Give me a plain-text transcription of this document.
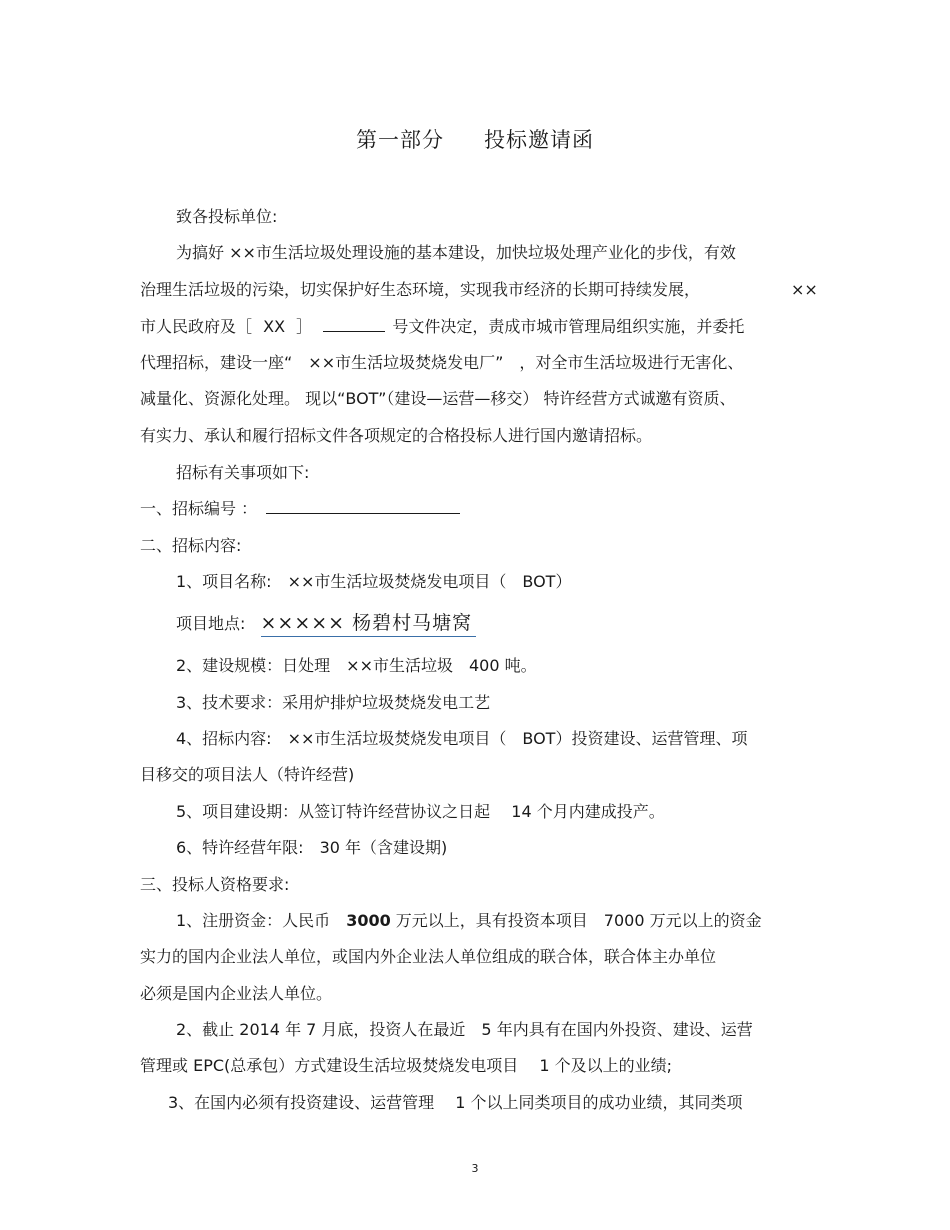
第一部分 投标邀请函
致各投标单位:
为搞好 ××市生活垃圾处理设施的基本建设，加快垃圾处理产业化的步伐，有效
治理生活垃圾的污染，切实保护好生态环境，实现我市经济的长期可持续发展，	××
市人民政府及［ XX ］	号文件决定，责成市城市管理局组织实施，并委托
代理招标，建设一座“　××市生活垃圾焚烧发电厂”　，对全市生活垃圾进行无害化、
减量化、资源化处理。 现以“BOT”（建设—运营—移交） 特许经营方式诚邀有资质、
有实力、承认和履行招标文件各项规定的合格投标人进行国内邀请招标。
招标有关事项如下:
一、招标编号 ：
二、招标内容:
1、项目名称:　××市生活垃圾焚烧发电项目（　BOT）
项目地点: ××××× 杨碧村马塘窝
2、建设规模：日处理　××市生活垃圾　400 吨。
3、技术要求：采用炉排炉垃圾焚烧发电工艺
4、招标内容:　××市生活垃圾焚烧发电项目（　BOT）投资建设、运营管理、项
目移交的项目法人（特许经营)
5、项目建设期：从签订特许经营协议之日起　 14 个月内建成投产。
6、特许经营年限:　30 年（含建设期)
三、投标人资格要求:
1、注册资金：人民币　3000 万元以上，具有投资本项目　7000 万元以上的资金
实力的国内企业法人单位，或国内外企业法人单位组成的联合体，联合体主办单位
必须是国内企业法人单位。
2、截止 2014 年 7 月底，投资人在最近　5 年内具有在国内外投资、建设、运营
管理或 EPC(总承包）方式建设生活垃圾焚烧发电项目　 1 个及以上的业绩;
3、在国内必须有投资建设、运营管理　 1 个以上同类项目的成功业绩，其同类项
3
